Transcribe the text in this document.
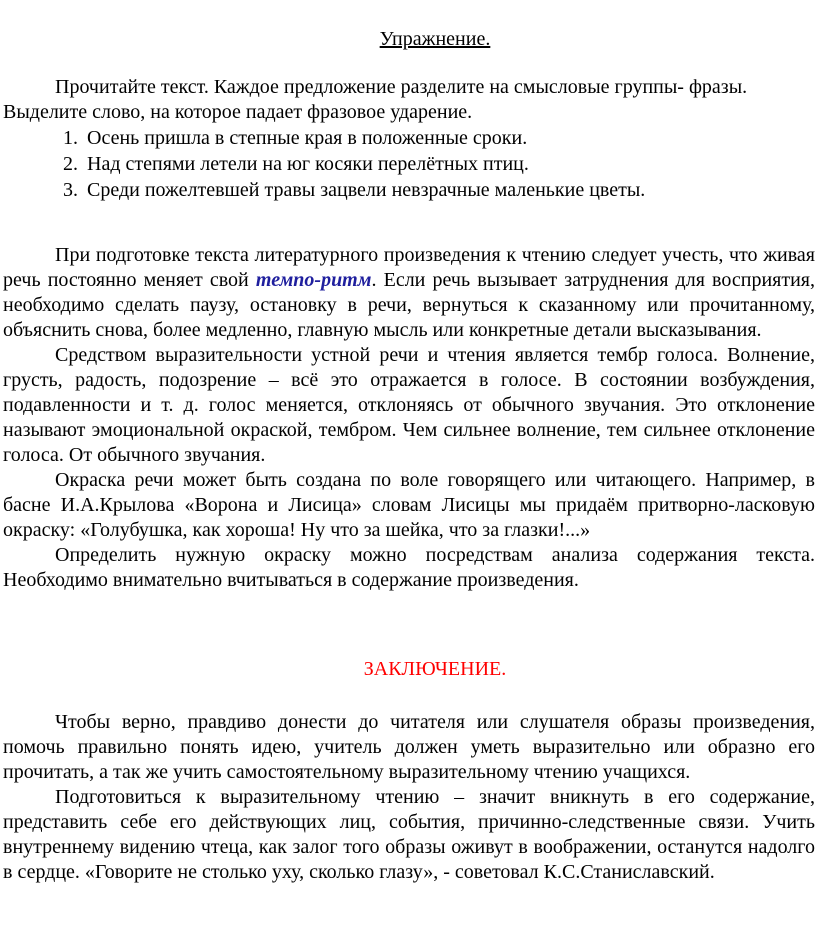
Упражнение.

Прочитайте текст. Каждое предложение разделите на смысловые группы- фразы. Выделите слово, на которое падает фразовое ударение.

1. Осень пришла в степные края в положенные сроки.
2. Над степями летели на юг косяки перелётных птиц.
3. Среди пожелтевшей травы зацвели невзрачные маленькие цветы.

При подготовке текста литературного произведения к чтению следует учесть, что живая речь постоянно меняет свой темпо-ритм. Если речь вызывает затруднения для восприятия, необходимо сделать паузу, остановку в речи, вернуться к сказанному или прочитанному, объяснить снова, более медленно, главную мысль или конкретные детали высказывания.

Средством выразительности устной речи и чтения является тембр голоса. Волнение, грусть, радость, подозрение – всё это отражается в голосе. В состоянии возбуждения, подавленности и т. д. голос меняется, отклоняясь от обычного звучания. Это отклонение называют эмоциональной окраской, тембром. Чем сильнее волнение, тем сильнее отклонение голоса. От обычного звучания.

Окраска речи может быть создана по воле говорящего или читающего. Например, в басне И.А.Крылова «Ворона и Лисица» словам Лисицы мы придаём притворно-ласковую окраску: «Голубушка, как хороша! Ну что за шейка, что за глазки!...»

Определить нужную окраску можно посредствам анализа содержания текста. Необходимо внимательно вчитываться в содержание произведения.

ЗАКЛЮЧЕНИЕ.

Чтобы верно, правдиво донести до читателя или слушателя образы произведения, помочь правильно понять идею, учитель должен уметь выразительно или образно его прочитать, а так же учить самостоятельному выразительному чтению учащихся.

Подготовиться к выразительному чтению – значит вникнуть в его содержание, представить себе его действующих лиц, события, причинно-следственные связи. Учить внутреннему видению чтеца, как залог того образы оживут в воображении, останутся надолго в сердце. «Говорите не столько уху, сколько глазу», - советовал К.С.Станиславский.
